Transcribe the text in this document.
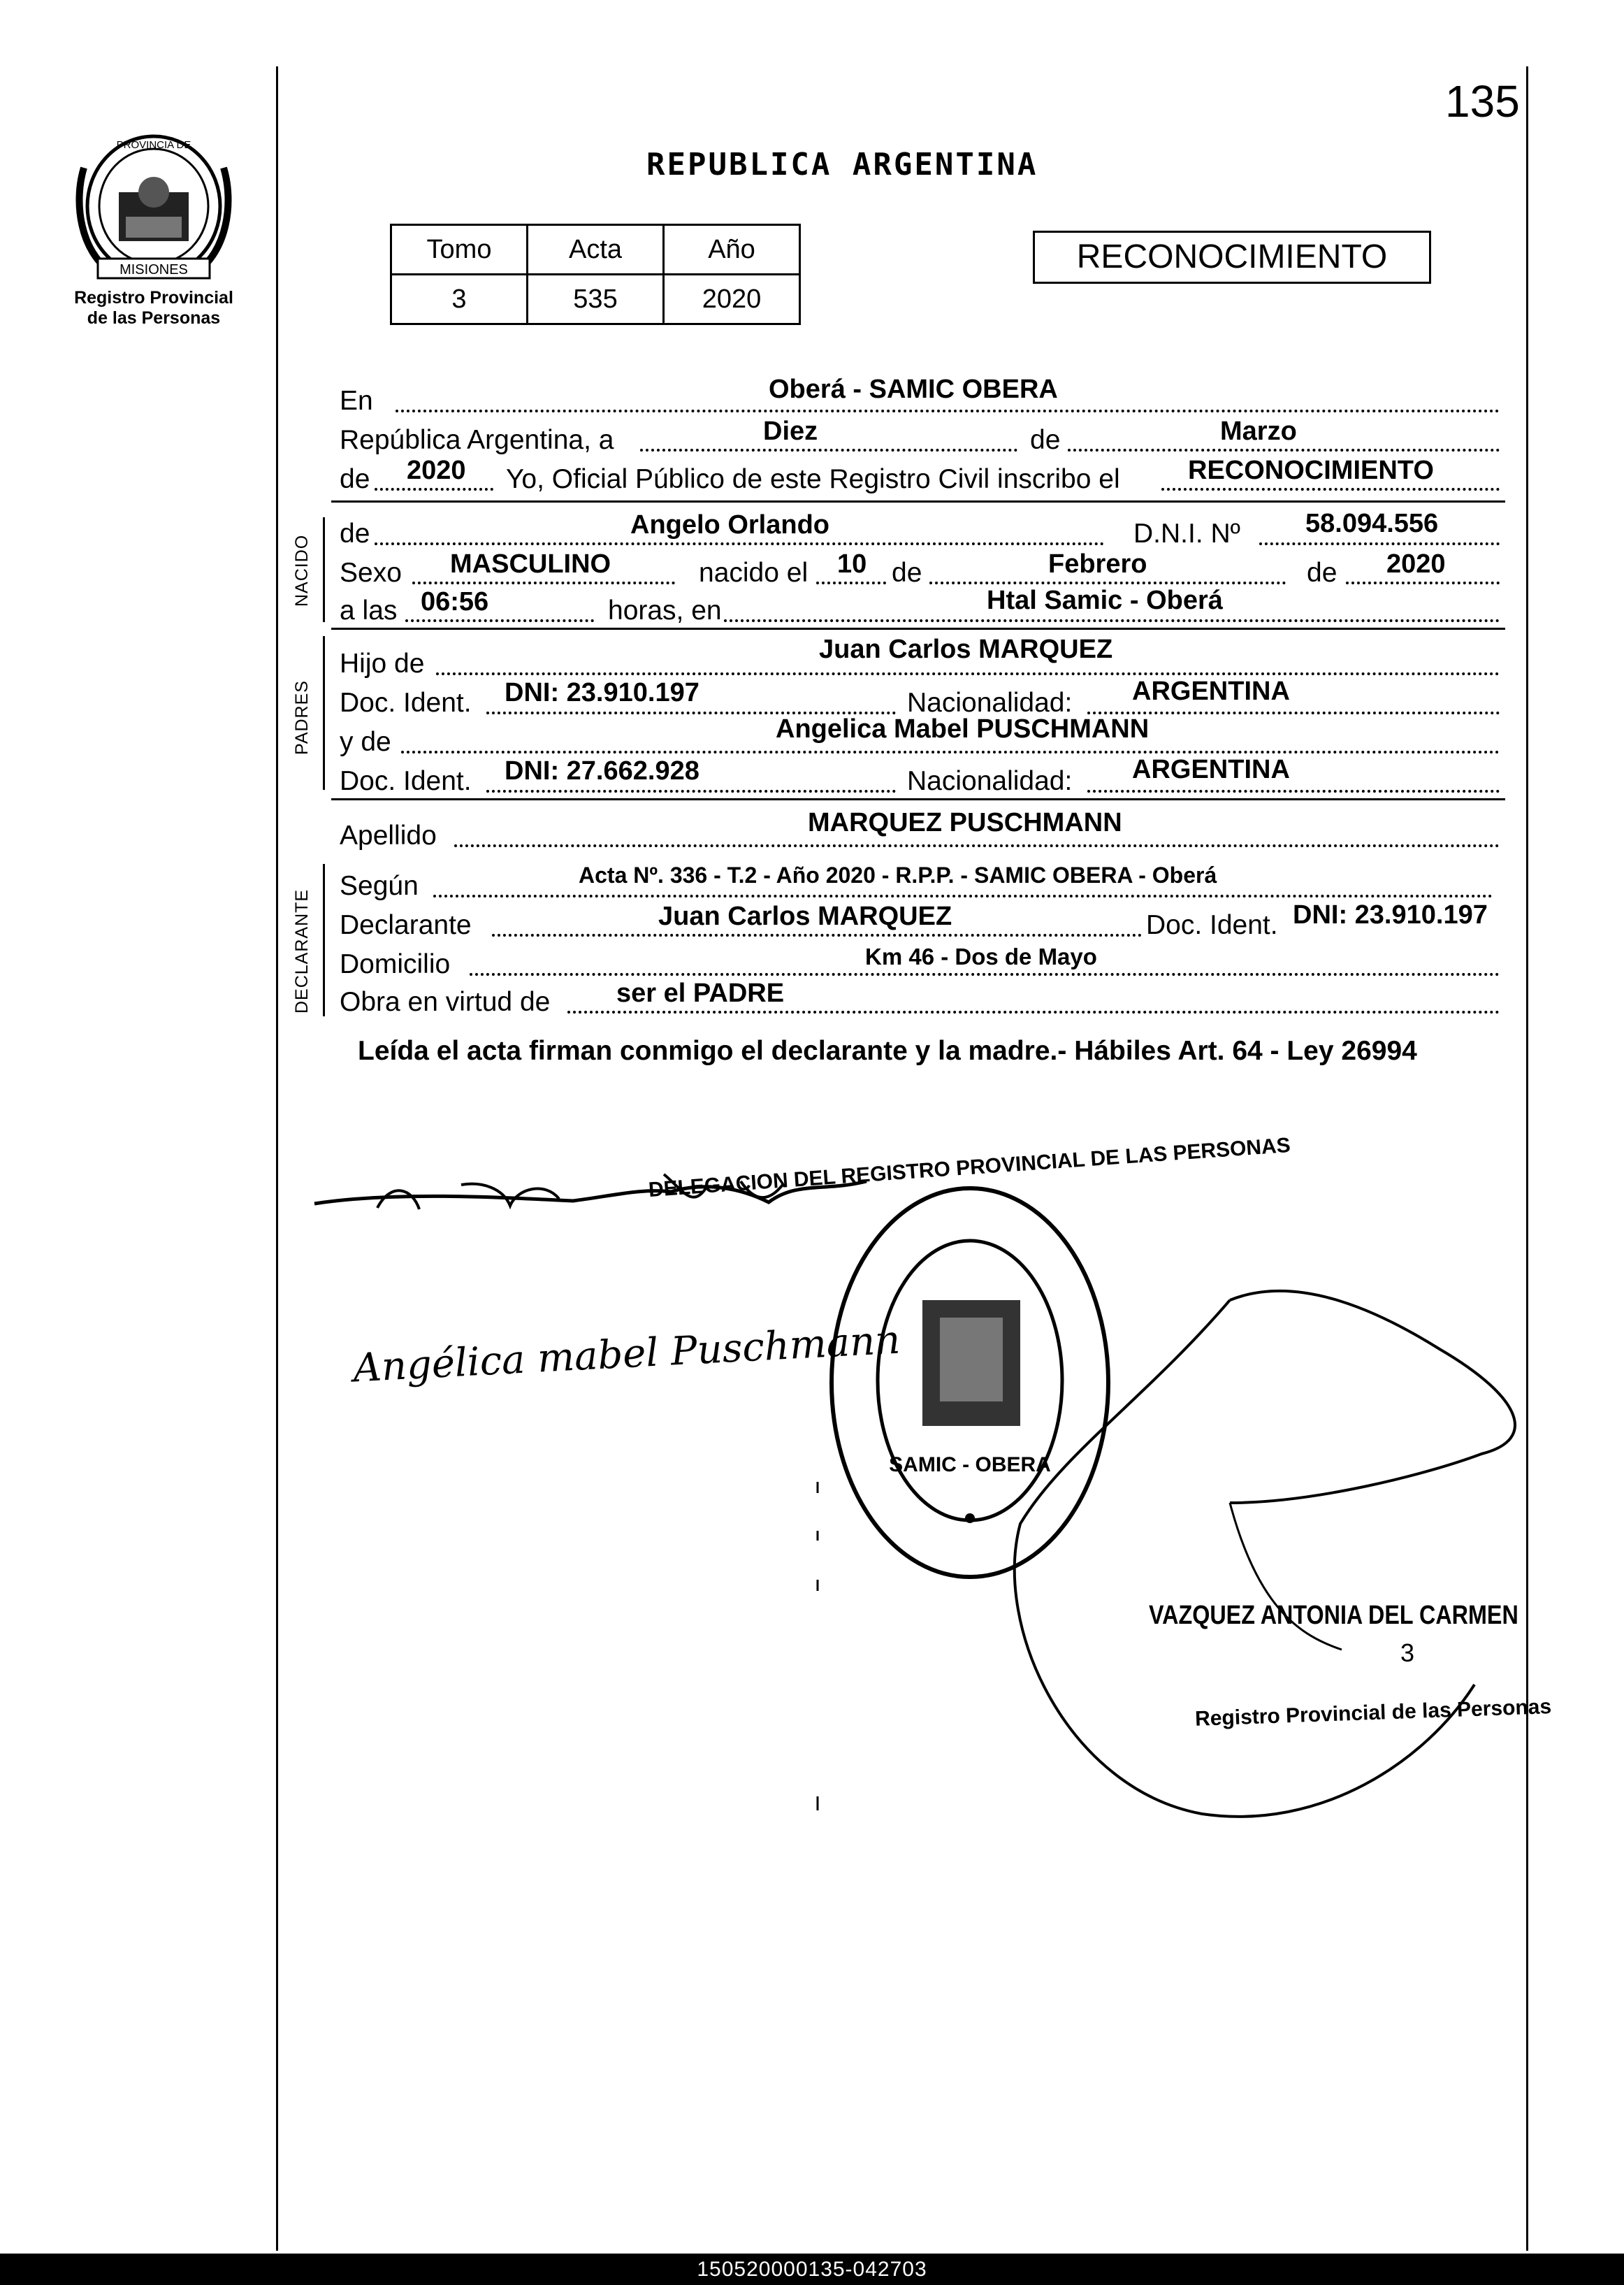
135
MISIONES
PROVINCIA DE
Registro Provincial
de las Personas
REPUBLICA ARGENTINA
Tomo	Acta	Año
3	535	2020
RECONOCIMIENTO
En	Oberá - SAMIC OBERA
República Argentina, a	Diez	de	Marzo
de 2020 Yo, Oficial Público de este Registro Civil inscribo el	RECONOCIMIENTO
NACIDO
de	Angelo Orlando	D.N.I. Nº 58.094.556
Sexo MASCULINO	nacido el 10 de	Febrero	de 2020
a las 06:56	horas, en	Htal Samic - Oberá
PADRES
Hijo de	Juan Carlos MARQUEZ
Doc. Ident. DNI: 23.910.197	Nacionalidad: ARGENTINA
y de	Angelica Mabel PUSCHMANN
Doc. Ident. DNI: 27.662.928	Nacionalidad: ARGENTINA
Apellido	MARQUEZ PUSCHMANN
DECLARANTE
Según	Acta Nº. 336 - T.2 - Año 2020 - R.P.P. - SAMIC OBERA - Oberá
Declarante	Juan Carlos MARQUEZ	Doc. Ident. DNI: 23.910.197
Domicilio	Km 46 - Dos de Mayo
Obra en virtud de ser el PADRE
Leída el acta firman conmigo el declarante y la madre.- Hábiles Art. 64 - Ley 26994
DELEGACION DEL REGISTRO PROVINCIAL DE LAS PERSONAS
SAMIC - OBERA
Angélica mabel Puschmann
VAZQUEZ ANTONIA DEL CARMEN
3
Registro Provincial de las Personas
150520000135-042703
